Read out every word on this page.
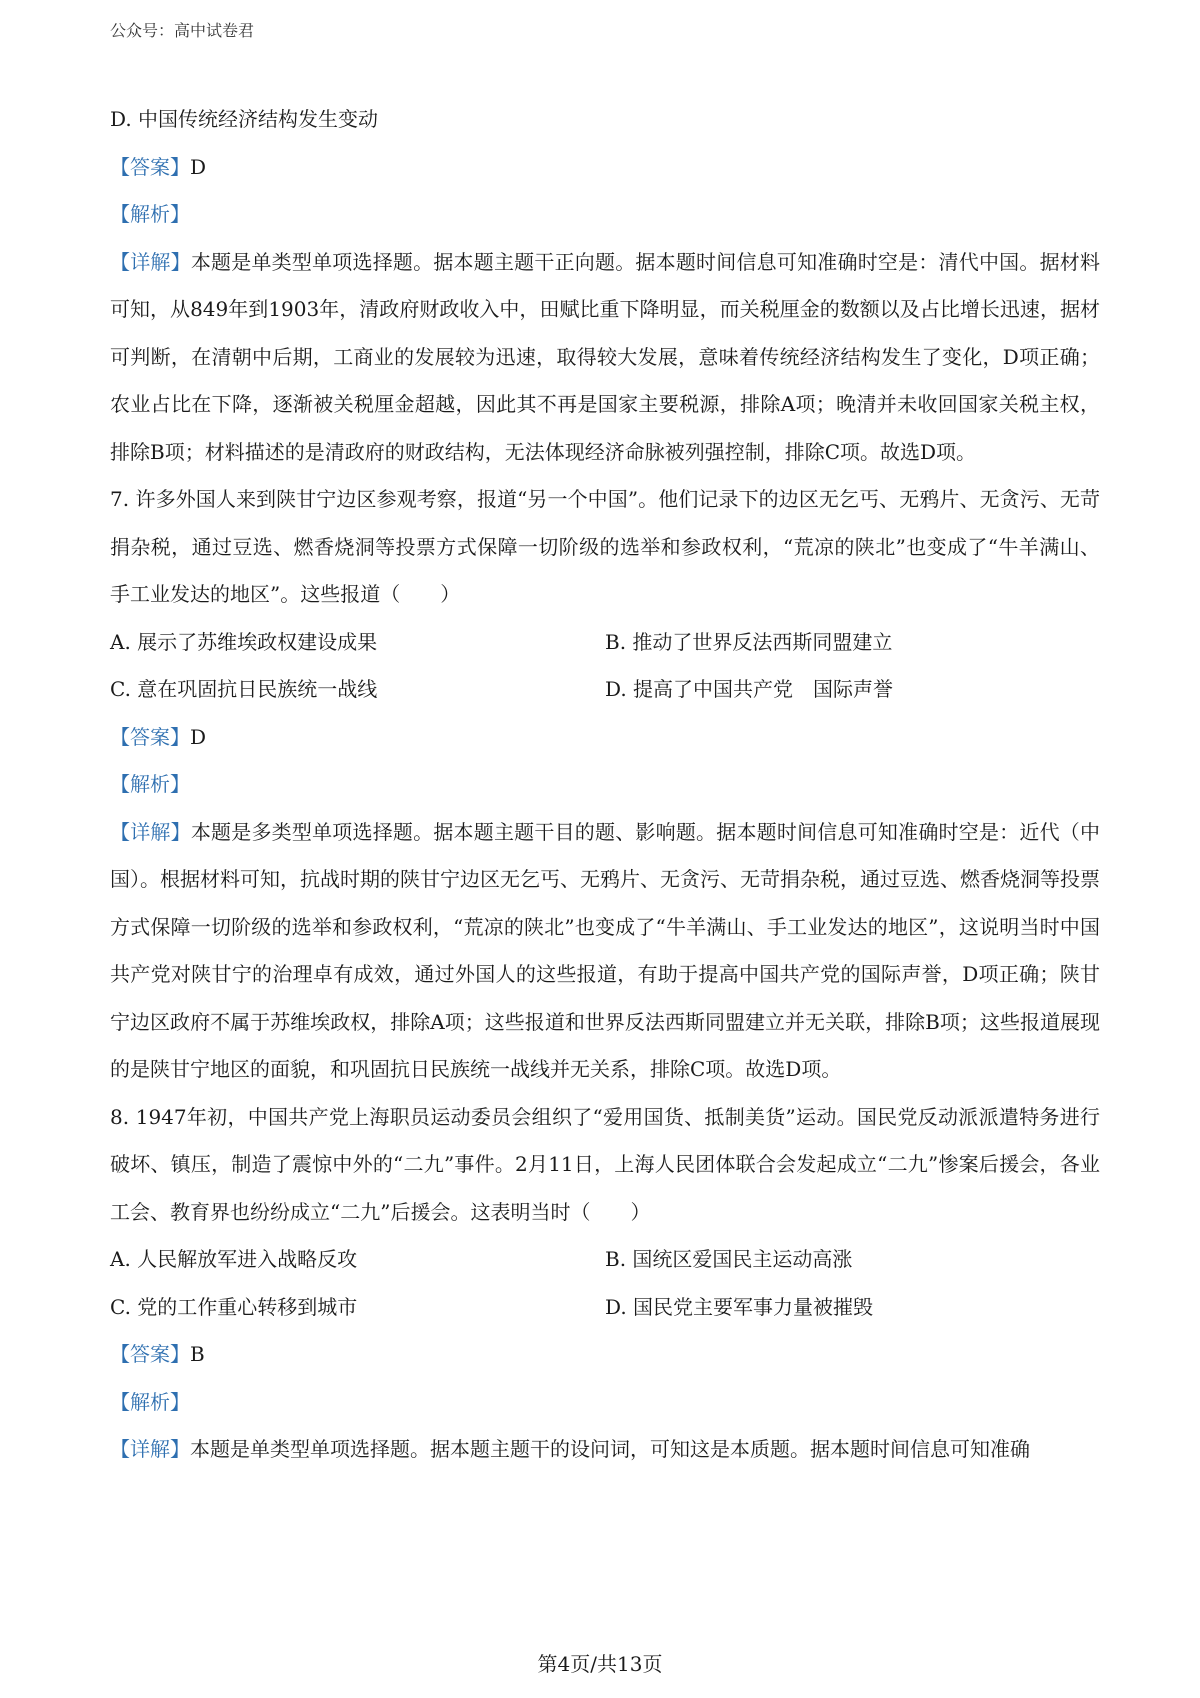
公众号：高中试卷君
D. 中国传统经济结构发生变动
【答案】D
【解析】
【详解】本题是单类型单项选择题。据本题主题干正向题。据本题时间信息可知准确时空是：清代中国。据材料可知，从849年到1903年，清政府财政收入中，田赋比重下降明显，而关税厘金的数额以及占比增长迅速，据材可判断，在清朝中后期，工商业的发展较为迅速，取得较大发展，意味着传统经济结构发生了变化，D项正确；农业占比在下降，逐渐被关税厘金超越，因此其不再是国家主要税源，排除A项；晚清并未收回国家关税主权，排除B项；材料描述的是清政府的财政结构，无法体现经济命脉被列强控制，排除C项。故选D项。
7. 许多外国人来到陕甘宁边区参观考察，报道“另一个中国”。他们记录下的边区无乞丐、无鸦片、无贪污、无苛捐杂税，通过豆选、燃香烧洞等投票方式保障一切阶级的选举和参政权利，“荒凉的陕北”也变成了“牛羊满山、手工业发达的地区”。这些报道（　　）
A. 展示了苏维埃政权建设成果	B. 推动了世界反法西斯同盟建立
C. 意在巩固抗日民族统一战线	D. 提高了中国共产党　国际声誉
【答案】D
【解析】
【详解】本题是多类型单项选择题。据本题主题干目的题、影响题。据本题时间信息可知准确时空是：近代（中国）。根据材料可知，抗战时期的陕甘宁边区无乞丐、无鸦片、无贪污、无苛捐杂税，通过豆选、燃香烧洞等投票方式保障一切阶级的选举和参政权利，“荒凉的陕北”也变成了“牛羊满山、手工业发达的地区”，这说明当时中国共产党对陕甘宁的治理卓有成效，通过外国人的这些报道，有助于提高中国共产党的国际声誉，D项正确；陕甘宁边区政府不属于苏维埃政权，排除A项；这些报道和世界反法西斯同盟建立并无关联，排除B项；这些报道展现的是陕甘宁地区的面貌，和巩固抗日民族统一战线并无关系，排除C项。故选D项。
8. 1947年初，中国共产党上海职员运动委员会组织了“爱用国货、抵制美货”运动。国民党反动派派遣特务进行破坏、镇压，制造了震惊中外的“二九”事件。2月11日，上海人民团体联合会发起成立“二九”惨案后援会，各业工会、教育界也纷纷成立“二九”后援会。这表明当时（　　）
A. 人民解放军进入战略反攻	B. 国统区爱国民主运动高涨
C. 党的工作重心转移到城市	D. 国民党主要军事力量被摧毁
【答案】B
【解析】
【详解】本题是单类型单项选择题。据本题主题干的设问词，可知这是本质题。据本题时间信息可知准确
第4页/共13页
